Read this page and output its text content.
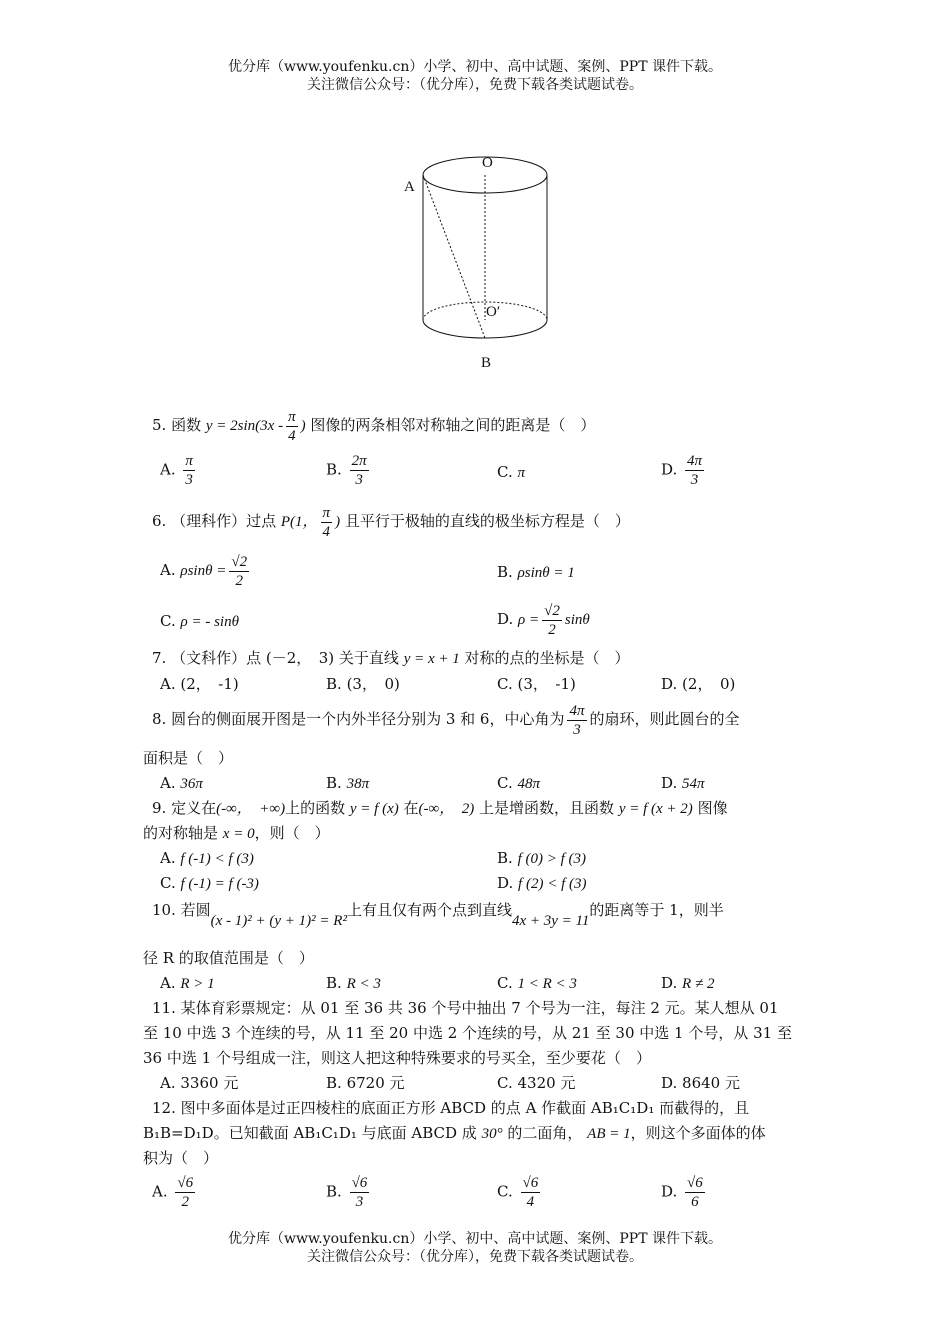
优分库（www.youfenku.cn）小学、初中、高中试题、案例、PPT 课件下载。
关注微信公众号：（优分库），免费下载各类试题试卷。
O
A
O′
B
5. 函数 $y = 2\sin(3x - \frac{\pi}{4}$ ) 图像的两条相邻对称轴之间的距离是（　）
A. $\frac{\pi}{3}$	B. $\frac{2\pi}{3}$	C. π	D. $\frac{4\pi}{3}$
6. （理科作）过点 P(1， $\frac{\pi}{4}$ ) 且平行于极轴的直线的极坐标方程是（　）
A. $\rho\sin\theta = \frac{√2}{2}$	B. ρsinθ = 1
C. ρ = - sinθ	D. $\rho = \frac{√2}{2}$ sinθ
7. （文科作）点 (－2，　3) 关于直线 y = x + 1 对称的点的坐标是（　）
A. (2，　-1)	B. (3，　0)	C. (3，　-1)	D. (2，　0)
8. 圆台的侧面展开图是一个内外半径分别为 3 和 6，中心角为 $\frac{4\pi}{3}$ 的扇环，则此圆台的全
面积是（　）
A. 36π	B. 38π	C. 48π	D. 54π
9. 定义在(-∞，　+∞)上的函数 y = f (x) 在(-∞，　2) 上是增函数，且函数 y = f (x + 2) 图像
的对称轴是 x = 0，则（　）
A. f (-1) < f (3)	B. f (0) > f (3)
C. f (-1) = f (-3)	D. f (2) < f (3)
10. 若圆(x - 1)² + (y + 1)² = R²上有且仅有两个点到直线4x + 3y = 11的距离等于 1，则半
径 R 的取值范围是（　）
A. R > 1	B. R < 3	C. 1 < R < 3	D. R ≠ 2
11. 某体育彩票规定：从 01 至 36 共 36 个号中抽出 7 个号为一注，每注 2 元。某人想从 01
至 10 中选 3 个连续的号，从 11 至 20 中选 2 个连续的号，从 21 至 30 中选 1 个号，从 31 至
36 中选 1 个号组成一注，则这人把这种特殊要求的号买全，至少要花（　）
A. 3360 元	B. 6720 元	C. 4320 元	D. 8640 元
12. 图中多面体是过正四棱柱的底面正方形 ABCD 的点 A 作截面 AB₁C₁D₁ 而截得的，且
B₁B=D₁D。已知截面 AB₁C₁D₁ 与底面 ABCD 成 30° 的二面角， AB = 1，则这个多面体的体
积为（　）
A. $\frac{√6}{2}$	B. $\frac{√6}{3}$	C. $\frac{√6}{4}$	D. $\frac{√6}{6}$
优分库（www.youfenku.cn）小学、初中、高中试题、案例、PPT 课件下载。
关注微信公众号：（优分库），免费下载各类试题试卷。
